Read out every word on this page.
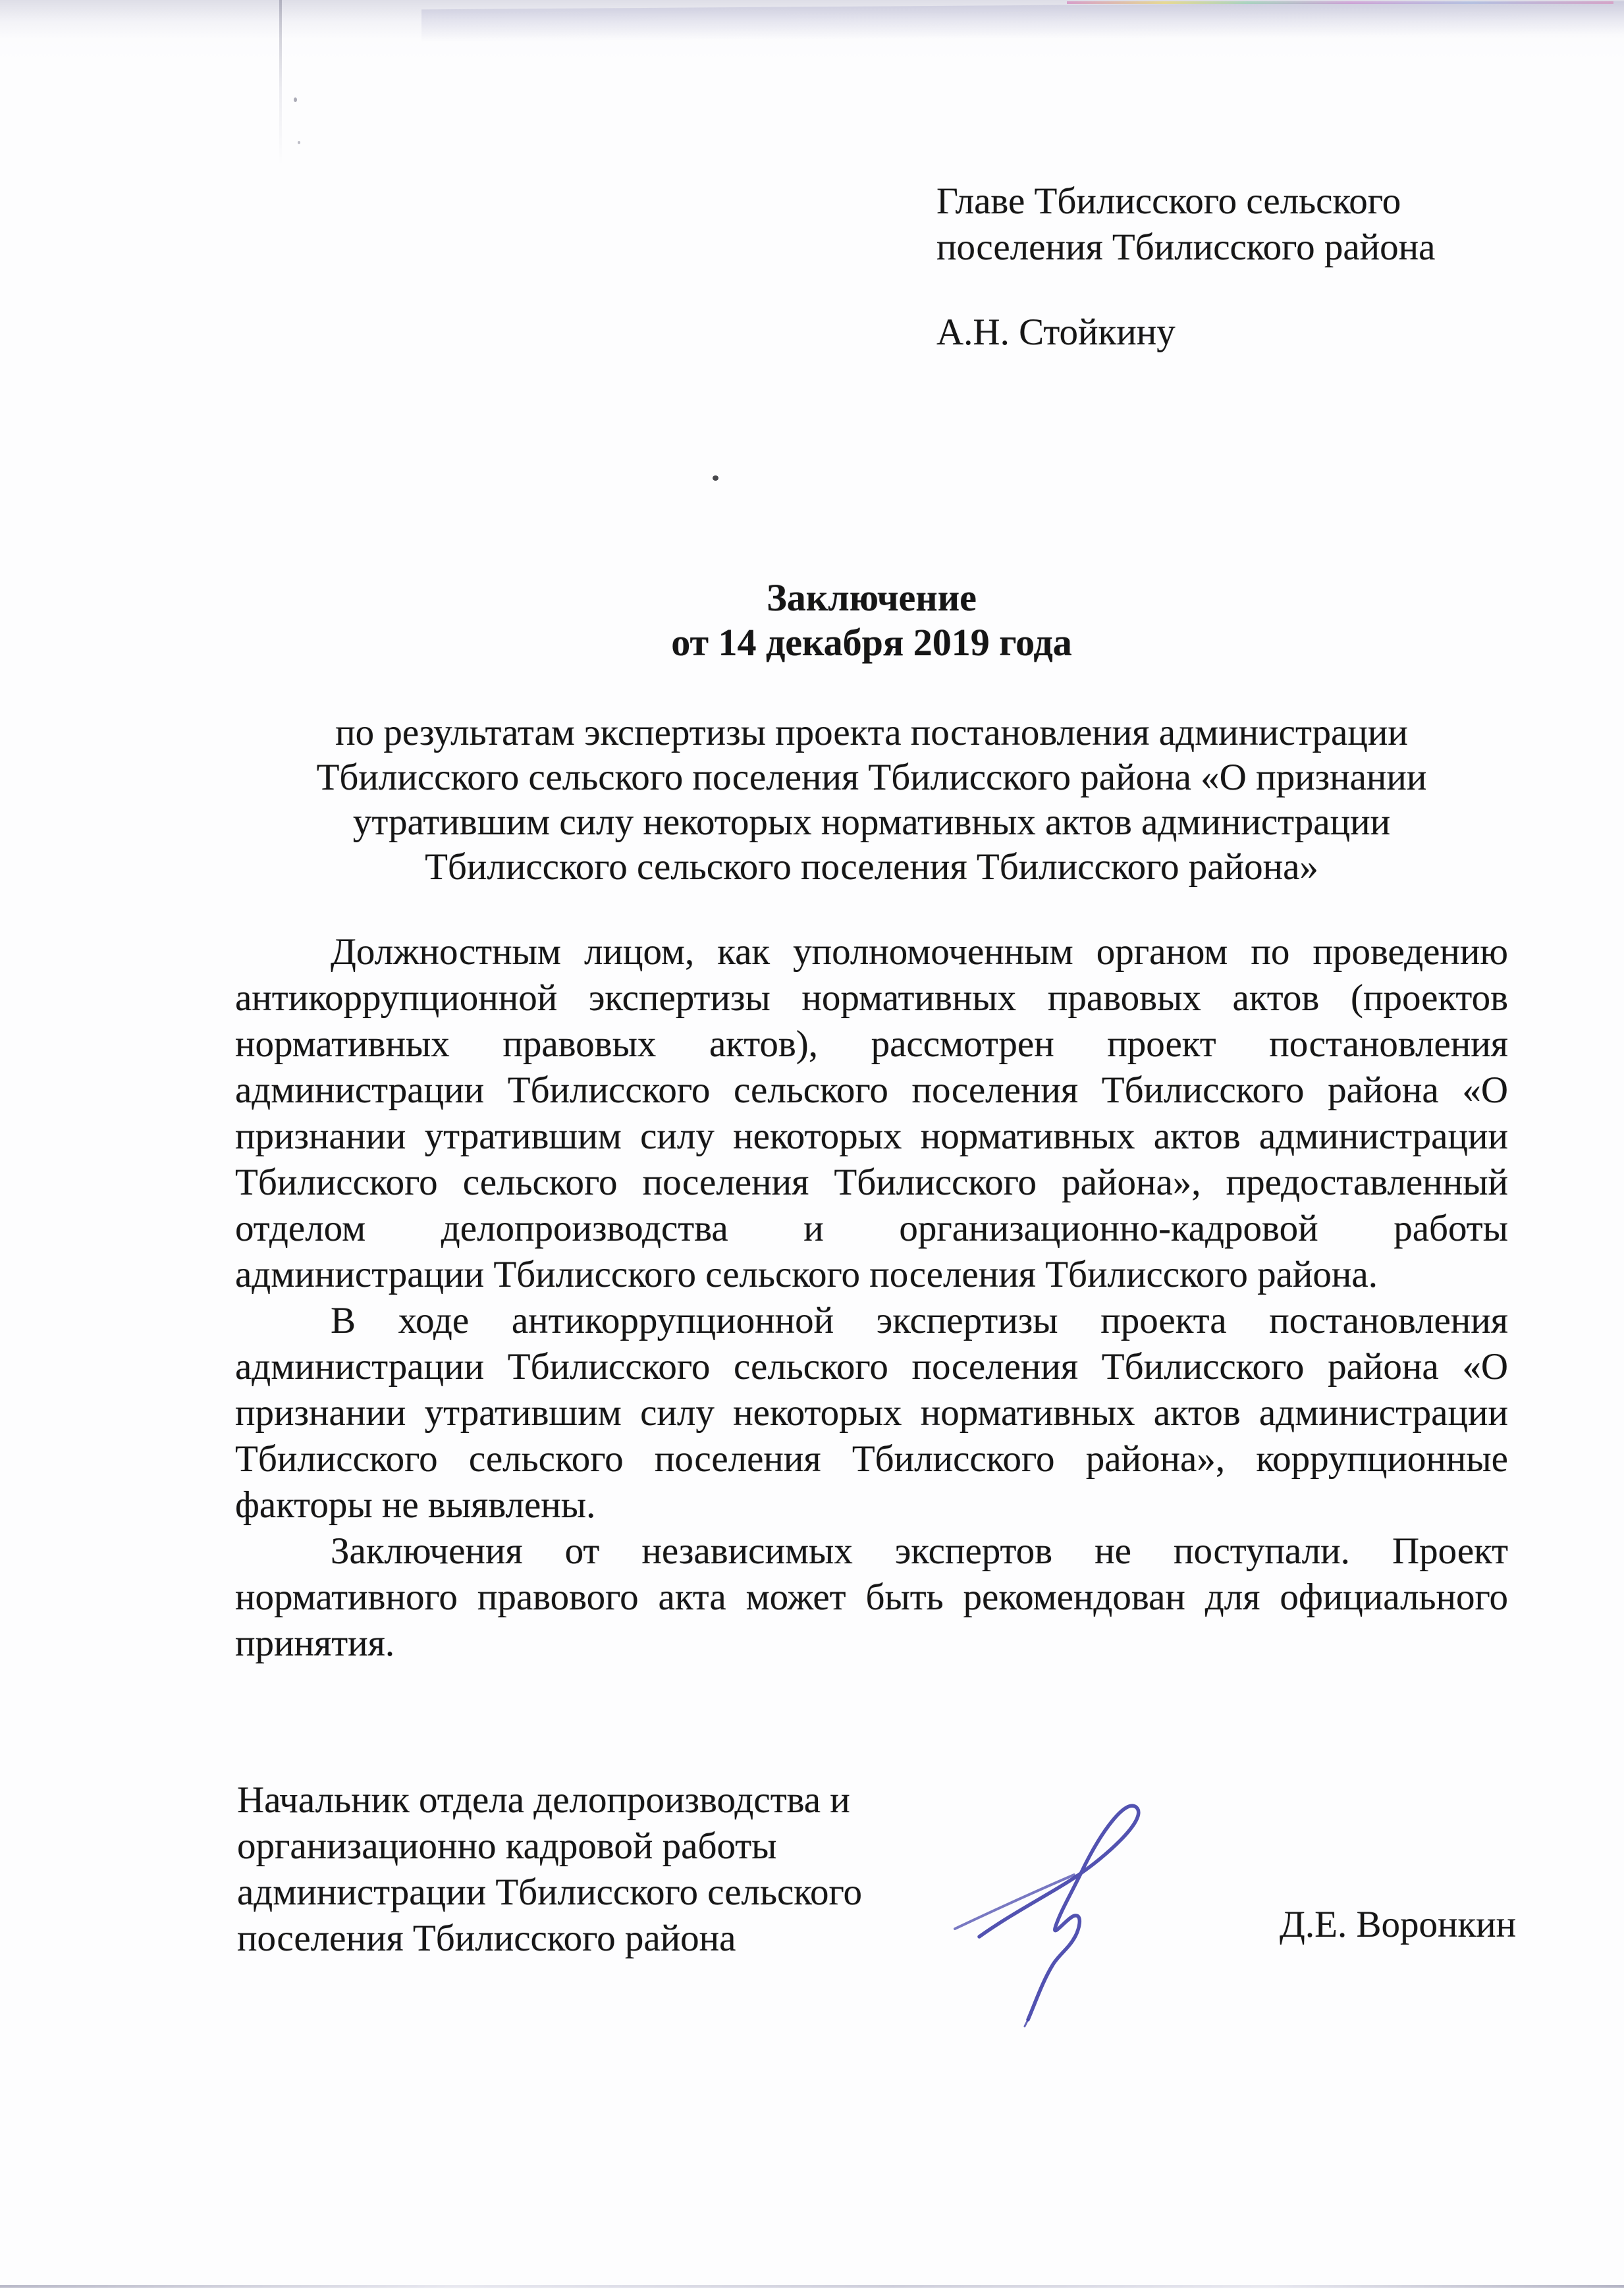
Главе Тбилисского сельского
поселения Тбилисского района
А.Н. Стойкину
Заключение
от 14 декабря 2019 года
по результатам экспертизы проекта постановления администрации
Тбилисского сельского поселения Тбилисского района «О признании
утратившим силу некоторых нормативных актов администрации
Тбилисского сельского поселения Тбилисского района»
Должностным лицом, как уполномоченным органом по проведению
антикоррупционной экспертизы нормативных правовых актов (проектов
нормативных правовых актов), рассмотрен проект постановления
администрации Тбилисского сельского поселения Тбилисского района «О
признании утратившим силу некоторых нормативных актов администрации
Тбилисского сельского поселения Тбилисского района», предоставленный
отделом делопроизводства и организационно-кадровой работы
администрации Тбилисского сельского поселения Тбилисского района.
В ходе антикоррупционной экспертизы проекта постановления
администрации Тбилисского сельского поселения Тбилисского района «О
признании утратившим силу некоторых нормативных актов администрации
Тбилисского сельского поселения Тбилисского района», коррупционные
факторы не выявлены.
Заключения от независимых экспертов не поступали. Проект
нормативного правового акта может быть рекомендован для официального
принятия.
Начальник отдела делопроизводства и
организационно кадровой работы
администрации Тбилисского сельского
поселения Тбилисского района	Д.Е. Воронкин
